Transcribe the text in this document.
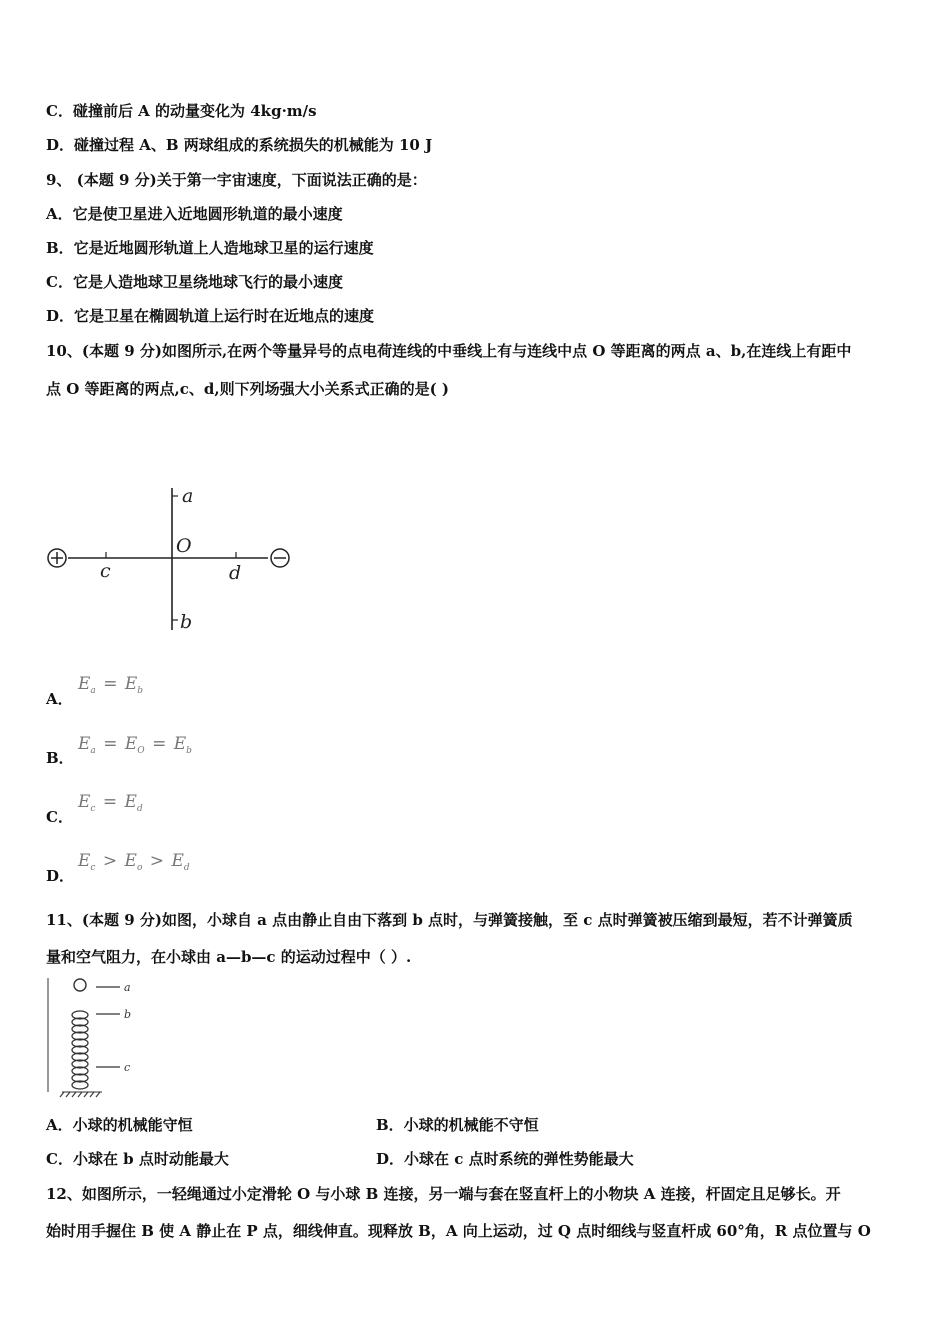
C．碰撞前后 A 的动量变化为 4kg·m/s
D．碰撞过程 A、B 两球组成的系统损失的机械能为 10 J
9、 (本题 9 分)关于第一宇宙速度，下面说法正确的是：
A．它是使卫星进入近地圆形轨道的最小速度
B．它是近地圆形轨道上人造地球卫星的运行速度
C．它是人造地球卫星绕地球飞行的最小速度
D．它是卫星在椭圆轨道上运行时在近地点的速度
10、(本题 9 分)如图所示,在两个等量异号的点电荷连线的中垂线上有与连线中点 O 等距离的两点 a、b,在连线上有距中
点 O 等距离的两点,c、d,则下列场强大小关系式正确的是( )
a
b
O
c	d
A．
$E_a = E_b$
B．
$E_a = E_O = E_b$
C．
$E_c = E_d$
D．
$E_c > E_o > E_d$
11、(本题 9 分)如图，小球自 a 点由静止自由下落到 b 点时，与弹簧接触，至 c 点时弹簧被压缩到最短，若不计弹簧质
量和空气阻力，在小球由 a—b—c 的运动过程中（ ）.
a
b
c
A．小球的机械能守恒	B．小球的机械能不守恒
C．小球在 b 点时动能最大	D．小球在 c 点时系统的弹性势能最大
12、如图所示，一轻绳通过小定滑轮 O 与小球 B 连接，另一端与套在竖直杆上的小物块 A 连接，杆固定且足够长。开
始时用手握住 B 使 A 静止在 P 点，细线伸直。现释放 B，A 向上运动，过 Q 点时细线与竖直杆成 60°角，R 点位置与 O
